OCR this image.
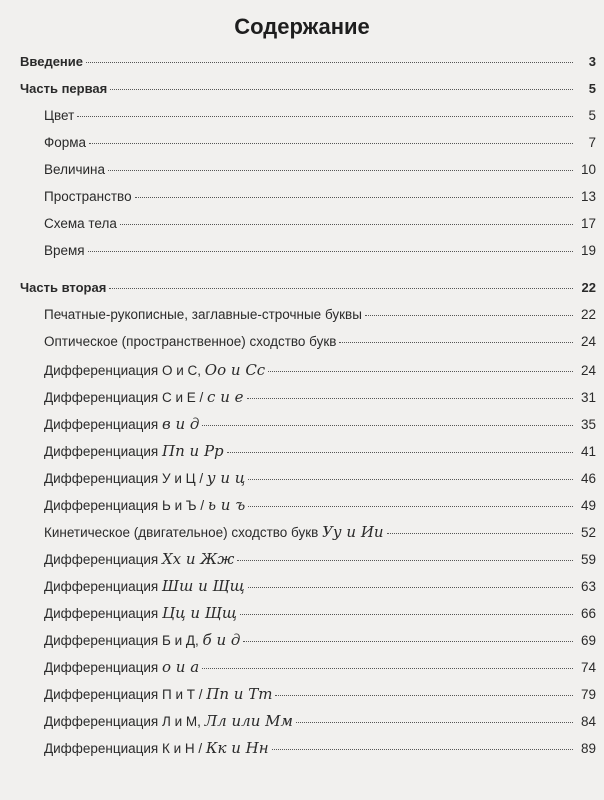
Содержание
Введение	3
Часть первая	5
Цвет	5
Форма	7
Величина	10
Пространство	13
Схема тела	17
Время	19
Часть вторая	22
Печатные-рукописные, заглавные-строчные буквы	22
Оптическое (пространственное) сходство букв	24
Дифференциация О и С, Оо и Сс	24
Дифференциация С и Е / с и е	31
Дифференциация в и д	35
Дифференциация Пп и Рр	41
Дифференциация У и Ц / у и ц	46
Дифференциация Ь и Ъ / ь и ъ	49
Кинетическое (двигательное) сходство букв Уу и Ии	52
Дифференциация Хх и Жж	59
Дифференциация Шш и Щщ	63
Дифференциация Цц и Щщ	66
Дифференциация Б и Д, б и д	69
Дифференциация о и а	74
Дифференциация П и Т / Пп и Тт	79
Дифференциация Л и М, Лл или Мм	84
Дифференциация К и Н / Кк и Нн	89
